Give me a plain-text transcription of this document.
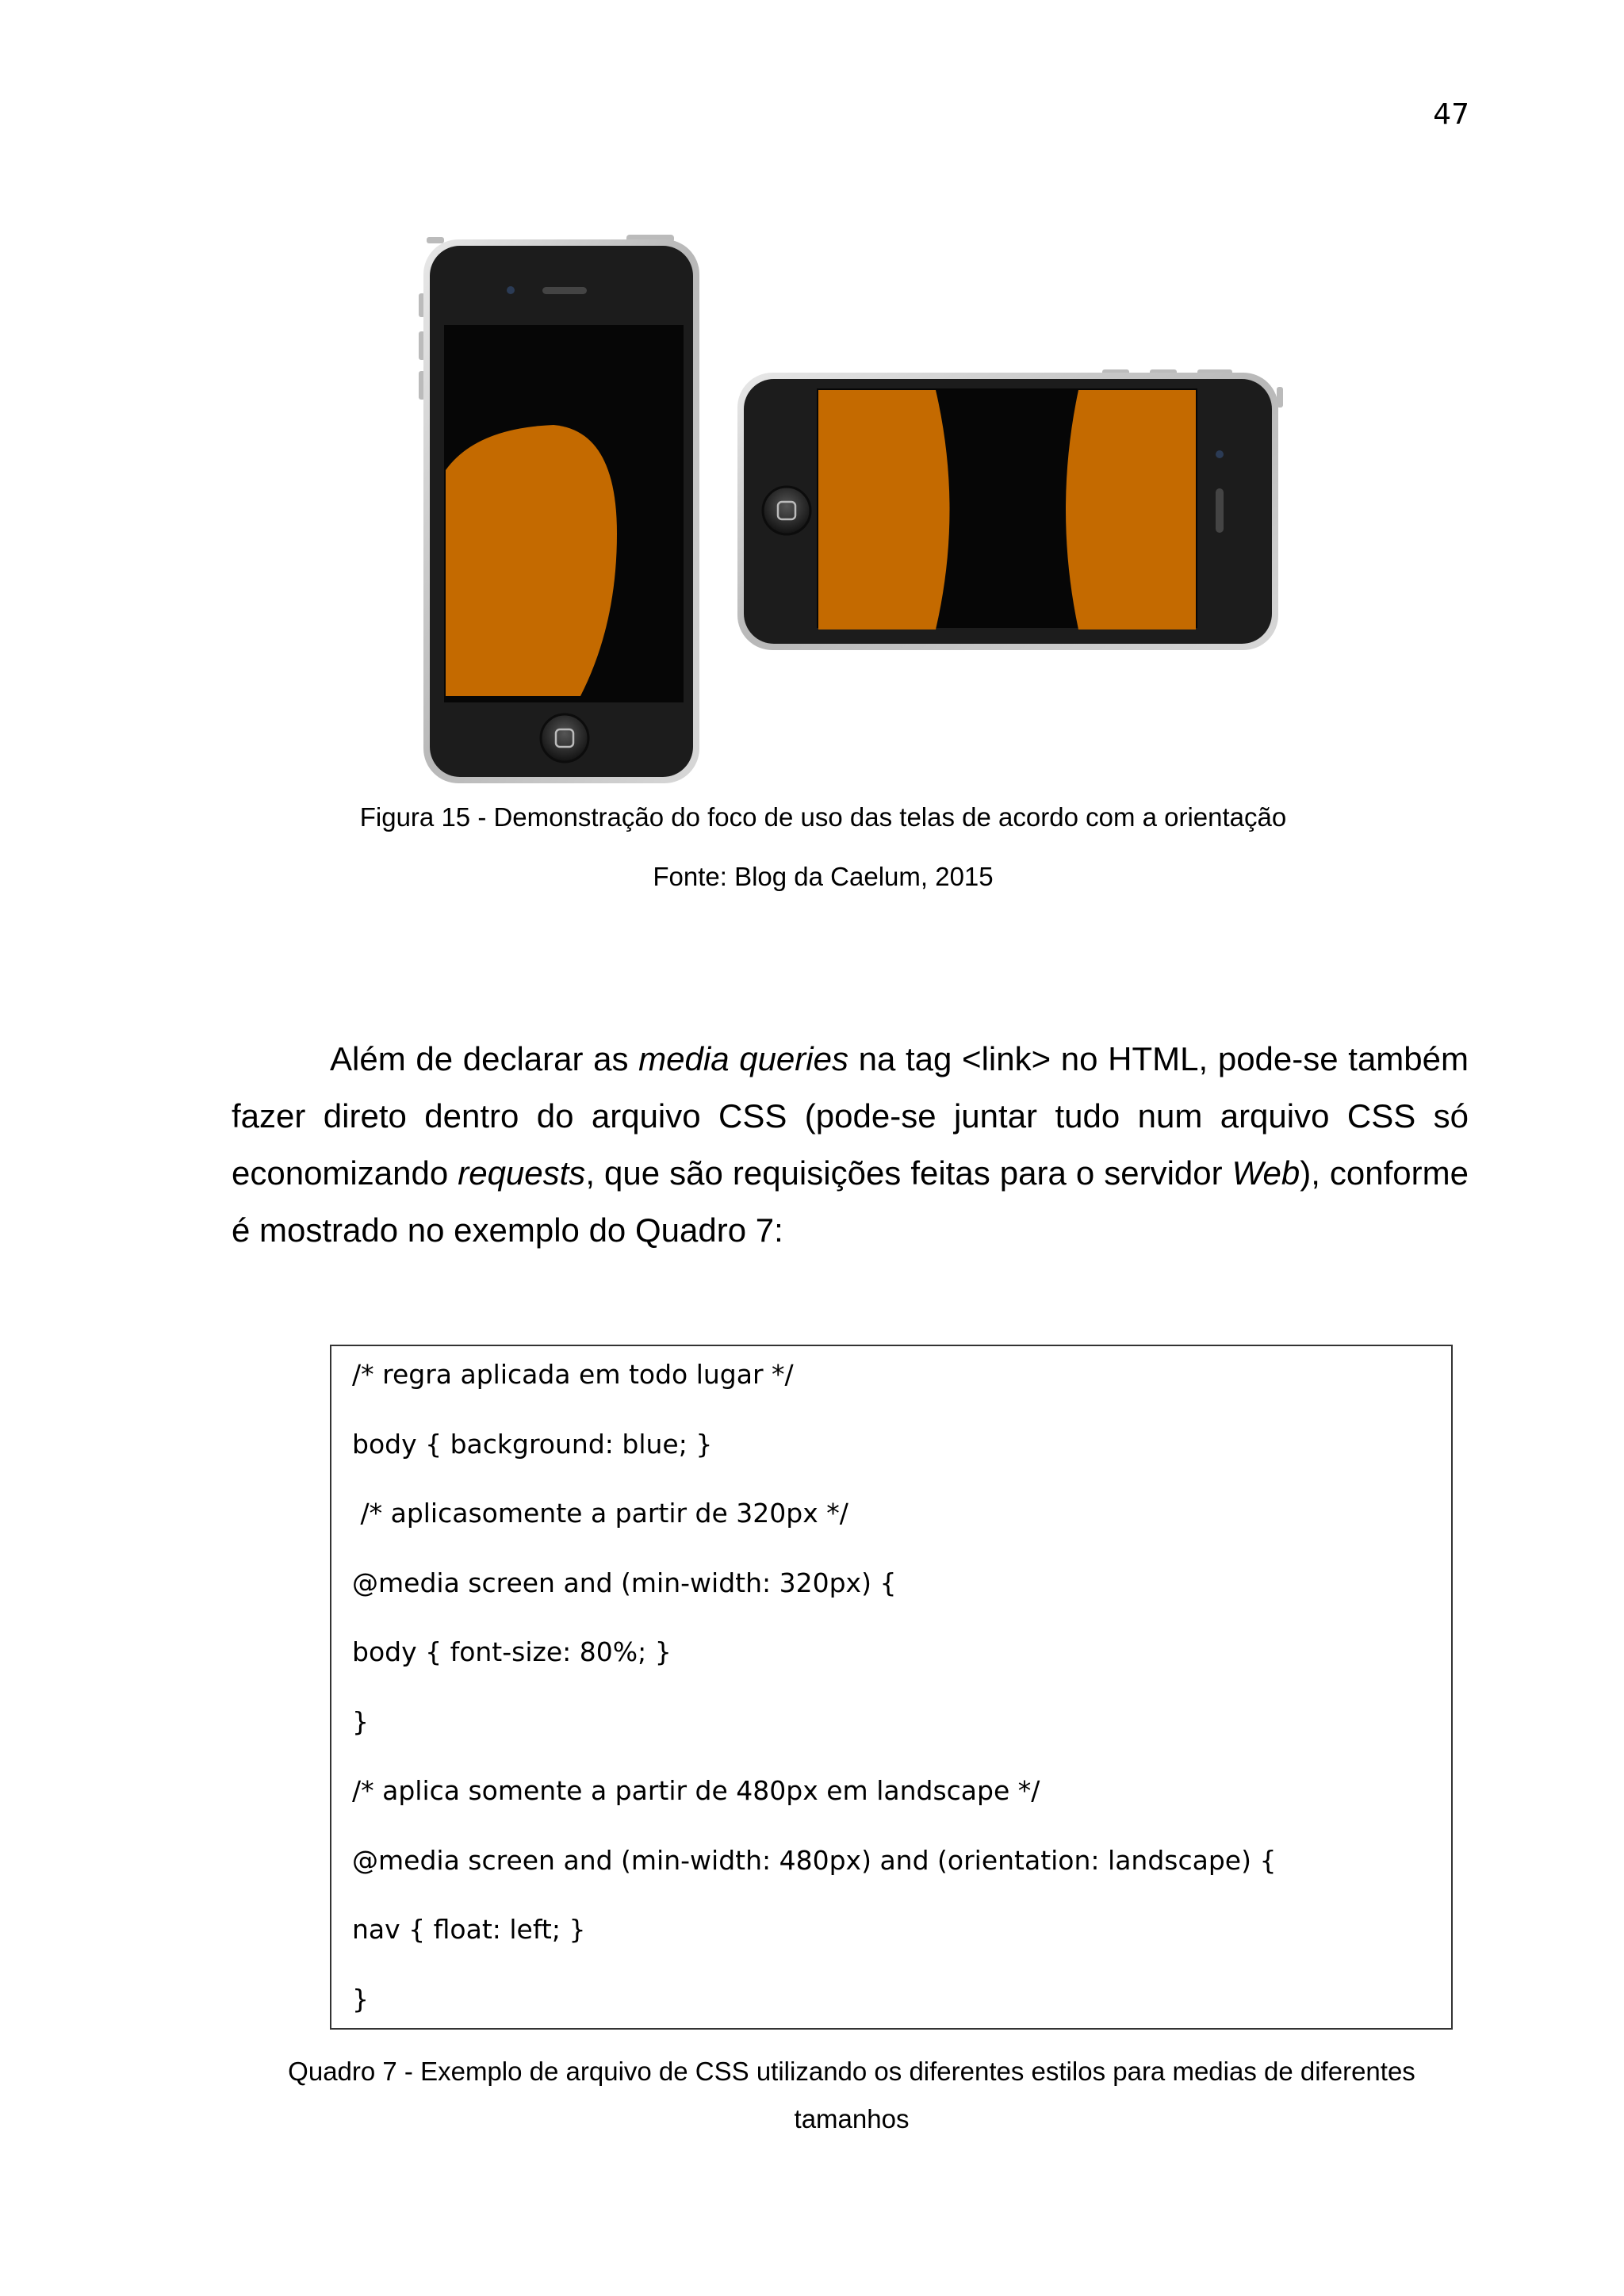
47
Figura 15 - Demonstração do foco de uso das telas de acordo com a orientação
Fonte: Blog da Caelum, 2015

Além de declarar as media queries na tag <link> no HTML, pode-se também fazer direto dentro do arquivo CSS (pode-se juntar tudo num arquivo CSS só economizando requests, que são requisições feitas para o servidor Web), conforme é mostrado no exemplo do Quadro 7:

/* regra aplicada em todo lugar */
body { background: blue; }
/* aplicasomente a partir de 320px */
@media screen and (min-width: 320px) {
body { font-size: 80%; }
}
/* aplica somente a partir de 480px em landscape */
@media screen and (min-width: 480px) and (orientation: landscape) {
nav { float: left; }
}
Quadro 7 - Exemplo de arquivo de CSS utilizando os diferentes estilos para medias de diferentes tamanhos
